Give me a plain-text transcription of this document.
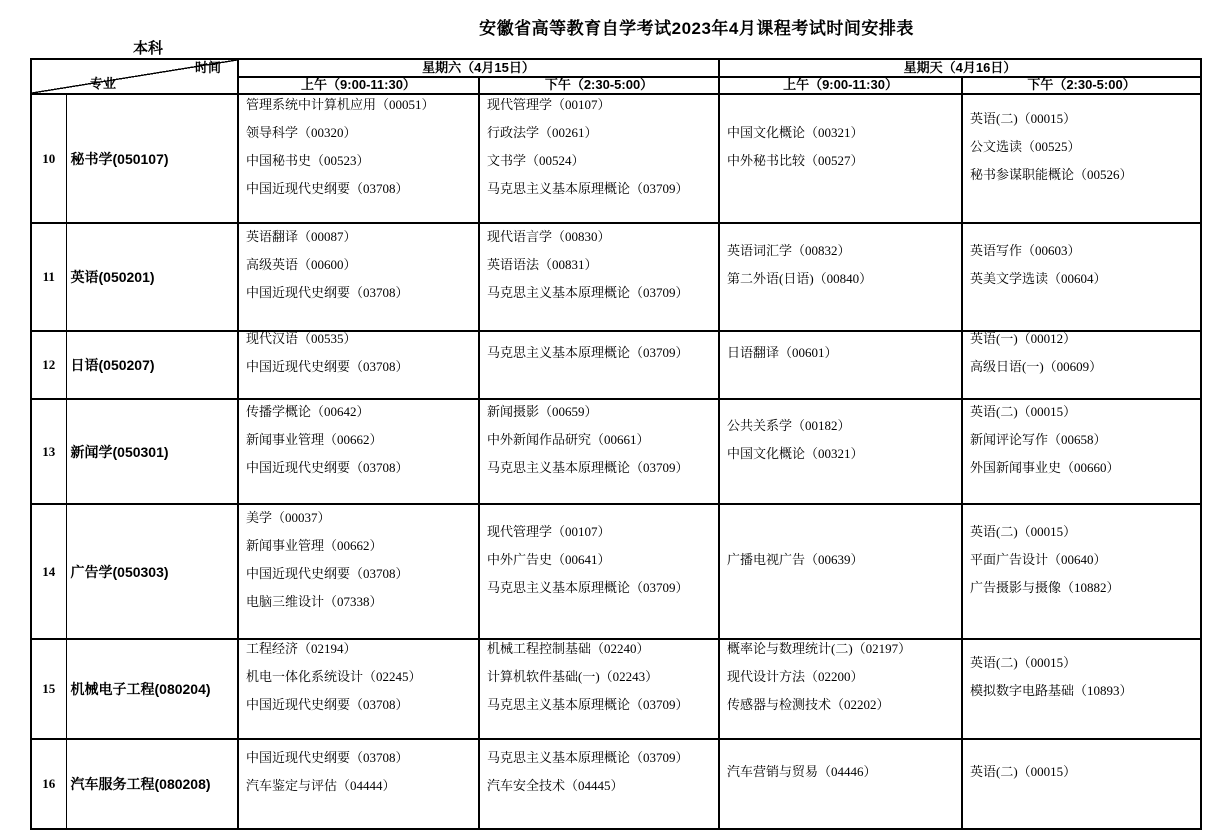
安徽省高等教育自学考试2023年4月课程考试时间安排表
本科
专业
时间		星期六（4月15日）		星期天（4月16日）	
		上午（9:00-11:30）	下午（2:30-5:00）	上午（9:00-11:30）	下午（2:30-5:00）
10	秘书学(050107)	
管理系统中计算机应用（00051）
领导科学（00320）
中国秘书史（00523）
中国近现代史纲要（03708）

现代管理学（00107）
行政法学（00261）
文书学（00524）
马克思主义基本原理概论（03709）

中国文化概论（00321）
中外秘书比较（00527）

英语(二)（00015）
公文选读（00525）
秘书参谋职能概论（00526）

11	英语(050201)	
英语翻译（00087）
高级英语（00600）
中国近现代史纲要（03708）

现代语言学（00830）
英语语法（00831）
马克思主义基本原理概论（03709）

英语词汇学（00832）
第二外语(日语)（00840）

英语写作（00603）
英美文学选读（00604）

12	日语(050207)	
现代汉语（00535）
中国近现代史纲要（03708）

马克思主义基本原理概论（03709）	日语翻译（00601）

英语(一)（00012）
高级日语(一)（00609）

13	新闻学(050301)	
传播学概论（00642）
新闻事业管理（00662）
中国近现代史纲要（03708）

新闻摄影（00659）
中外新闻作品研究（00661）
马克思主义基本原理概论（03709）

公共关系学（00182）
中国文化概论（00321）

英语(二)（00015）
新闻评论写作（00658）
外国新闻事业史（00660）

14	广告学(050303)	
美学（00037）
新闻事业管理（00662）
中国近现代史纲要（03708）
电脑三维设计（07338）

现代管理学（00107）
中外广告史（00641）
马克思主义基本原理概论（03709）

广播电视广告（00639）

英语(二)（00015）
平面广告设计（00640）
广告摄影与摄像（10882）

15	机械电子工程(080204)	
工程经济（02194）
机电一体化系统设计（02245）
中国近现代史纲要（03708）

机械工程控制基础（02240）
计算机软件基础(一)（02243）
马克思主义基本原理概论（03709）

概率论与数理统计(二)（02197）
现代设计方法（02200）
传感器与检测技术（02202）

英语(二)（00015）
模拟数字电路基础（10893）

16	汽车服务工程(080208)	
中国近现代史纲要（03708）
汽车鉴定与评估（04444）

马克思主义基本原理概论（03709）
汽车安全技术（04445）

汽车营销与贸易（04446）	英语(二)（00015）
